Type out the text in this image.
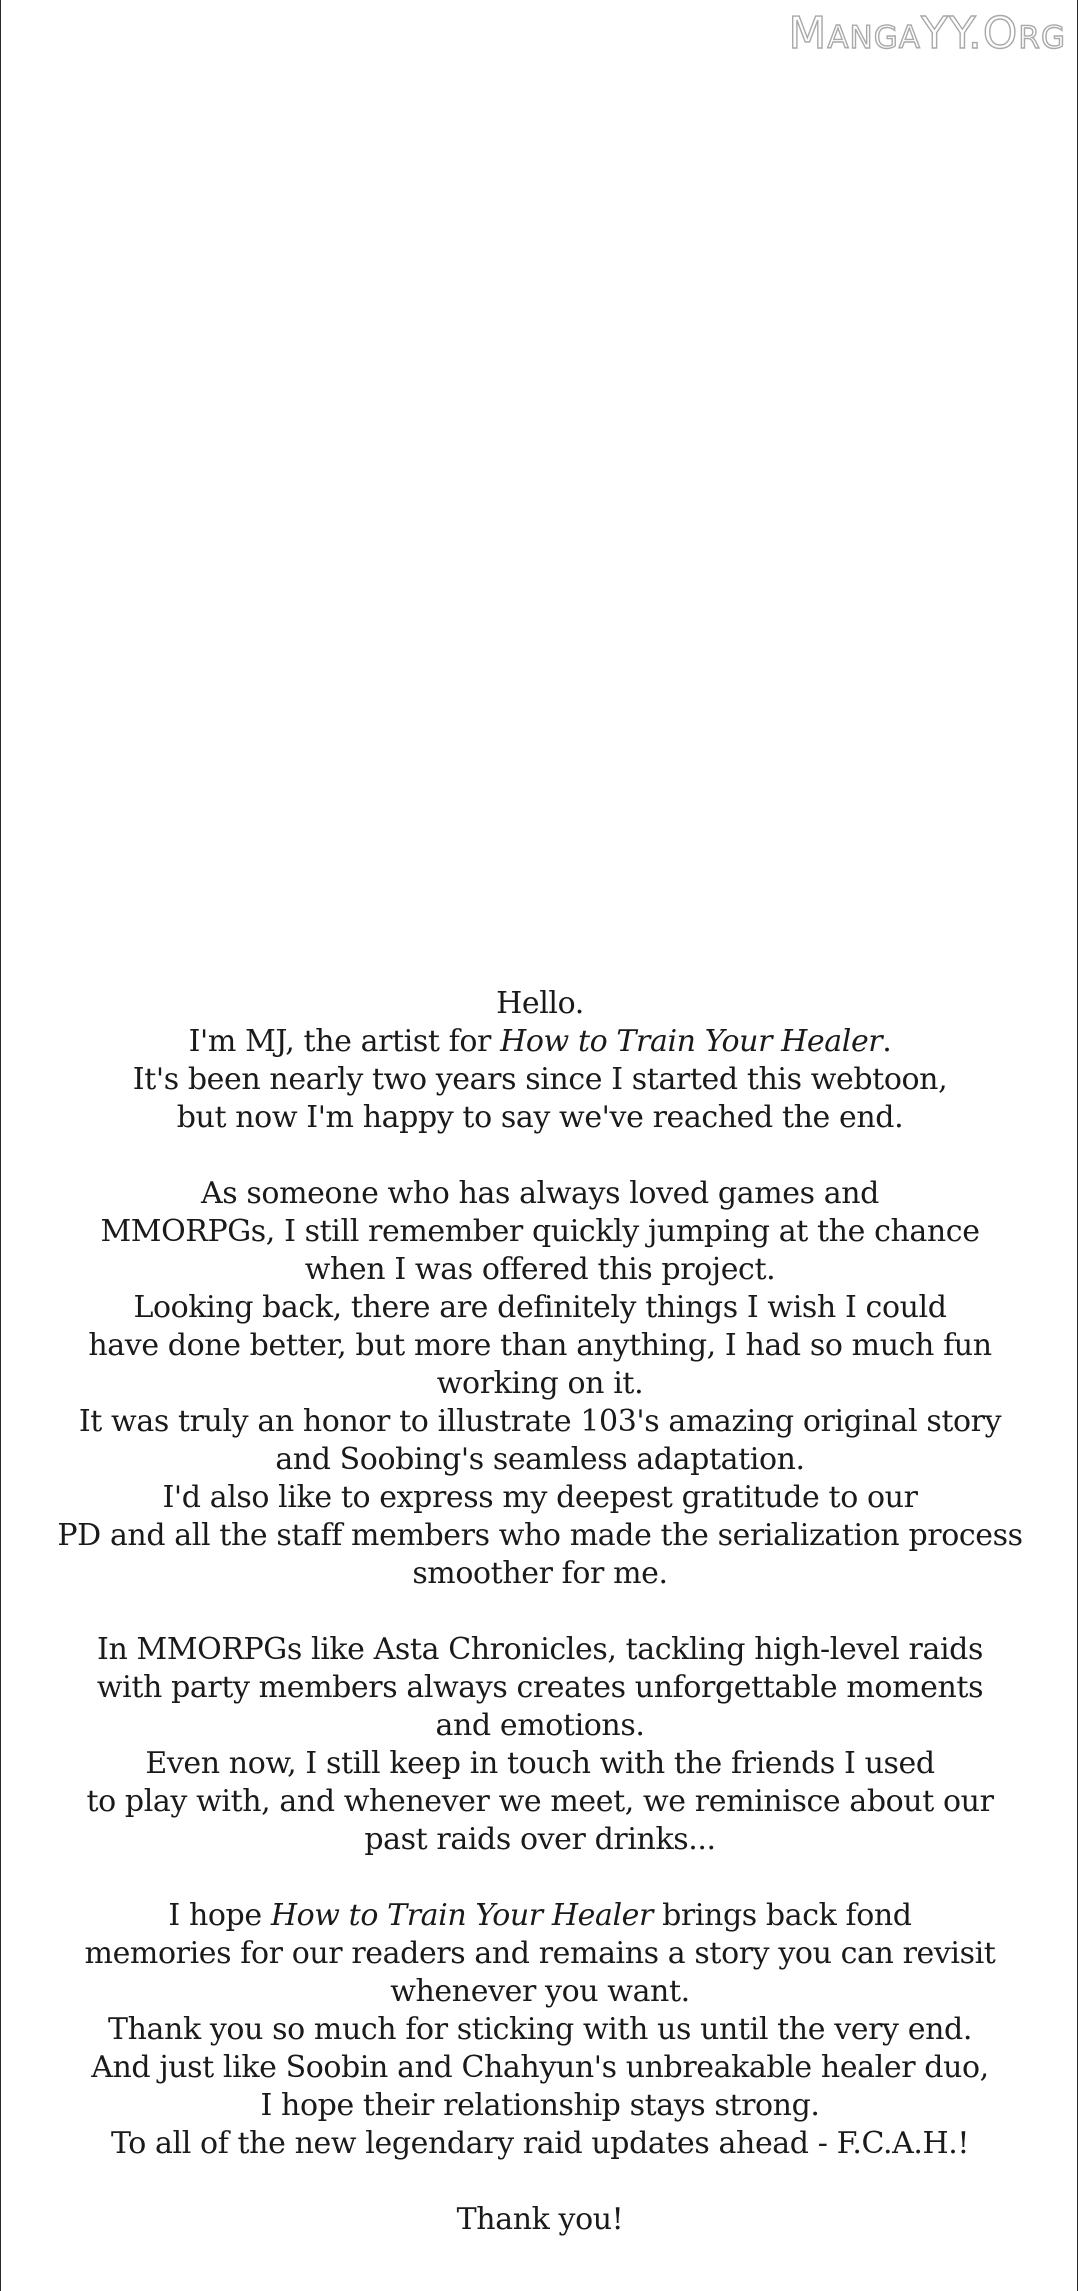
MangaYY.Org
Hello.
I'm MJ, the artist for How to Train Your Healer.
It's been nearly two years since I started this webtoon,
but now I'm happy to say we've reached the end.
As someone who has always loved games and
MMORPGs, I still remember quickly jumping at the chance
when I was offered this project.
Looking back, there are definitely things I wish I could
have done better, but more than anything, I had so much fun
working on it.
It was truly an honor to illustrate 103's amazing original story
and Soobing's seamless adaptation.
I'd also like to express my deepest gratitude to our
PD and all the staff members who made the serialization process
smoother for me.
In MMORPGs like Asta Chronicles, tackling high-level raids
with party members always creates unforgettable moments
and emotions.
Even now, I still keep in touch with the friends I used
to play with, and whenever we meet, we reminisce about our
past raids over drinks...
I hope How to Train Your Healer brings back fond
memories for our readers and remains a story you can revisit
whenever you want.
Thank you so much for sticking with us until the very end.
And just like Soobin and Chahyun's unbreakable healer duo,
I hope their relationship stays strong.
To all of the new legendary raid updates ahead - F.C.A.H.!
Thank you!
